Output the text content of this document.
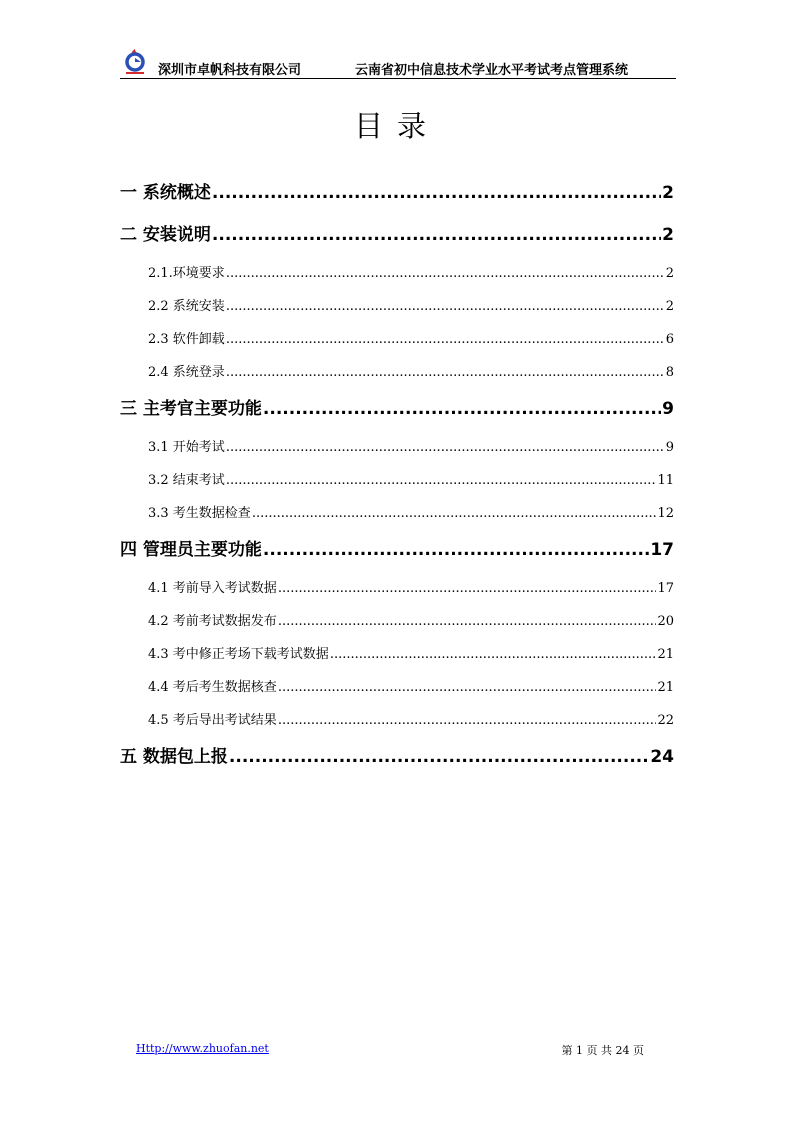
深圳市卓帆科技有限公司	云南省初中信息技术学业水平考试考点管理系统
目录
一 系统概述 .....	2
二 安装说明 .....	2
2.1.环境要求 .....	2
2.2 系统安装 .....	2
2.3 软件卸载 .....	6
2.4 系统登录 .....	8
三 主考官主要功能 .....	9
3.1 开始考试 .....	9
3.2 结束考试 .....	11
3.3 考生数据检查 .....	12
四 管理员主要功能 .....	17
4.1 考前导入考试数据 .....	17
4.2 考前考试数据发布 .....	20
4.3 考中修正考场下载考试数据 .....	21
4.4 考后考生数据核查 .....	21
4.5 考后导出考试结果 .....	22
五 数据包上报 .....	24
Http://www.zhuofan.net	第 1 页 共 24 页
